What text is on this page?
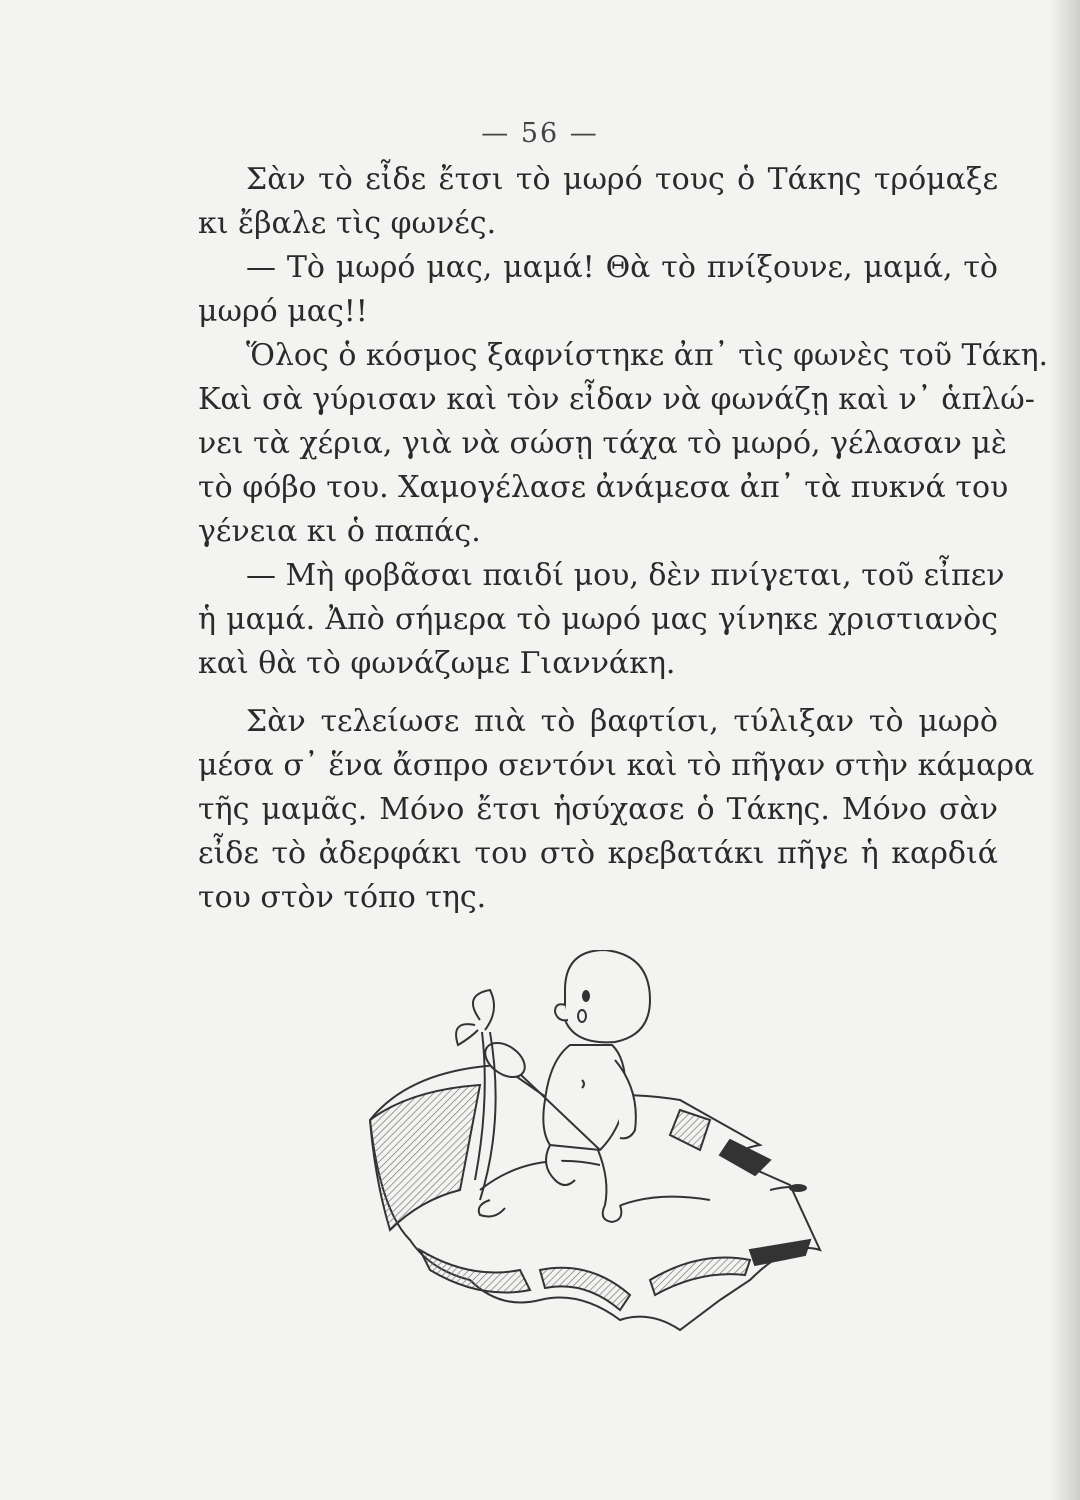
— 56 —
Σὰν τὸ εἶδε ἔτσι τὸ μωρό τους ὁ Τάκης τρόμαξε
κι ἔβαλε τὶς φωνές.
— Τὸ μωρό μας, μαμά! Θὰ τὸ πνίξουνε, μαμά, τὸ
μωρό μας!!
Ὅλος ὁ κόσμος ξαφνίστηκε ἀπ᾿ τὶς φωνὲς τοῦ Τάκη.
Καὶ σὰ γύρισαν καὶ τὸν εἶδαν νὰ φωνάζῃ καὶ ν᾿ ἁπλώ-
νει τὰ χέρια, γιὰ νὰ σώσῃ τάχα τὸ μωρό, γέλασαν μὲ
τὸ φόβο του. Χαμογέλασε ἀνάμεσα ἀπ᾿ τὰ πυκνά του
γένεια κι ὁ παπάς.
— Μὴ φοβᾶσαι παιδί μου, δὲν πνίγεται, τοῦ εἶπεν
ἡ μαμά. Ἀπὸ σήμερα τὸ μωρό μας γίνηκε χριστιανὸς
καὶ θὰ τὸ φωνάζωμε Γιαννάκη.
Σὰν τελείωσε πιὰ τὸ βαφτίσι, τύλιξαν τὸ μωρὸ
μέσα σ᾿ ἕνα ἄσπρο σεντόνι καὶ τὸ πῆγαν στὴν κάμαρα
τῆς μαμᾶς. Μόνο ἔτσι ἡσύχασε ὁ Τάκης. Μόνο σὰν
εἶδε τὸ ἀδερφάκι του στὸ κρεβατάκι πῆγε ἡ καρδιά
του στὸν τόπο της.
